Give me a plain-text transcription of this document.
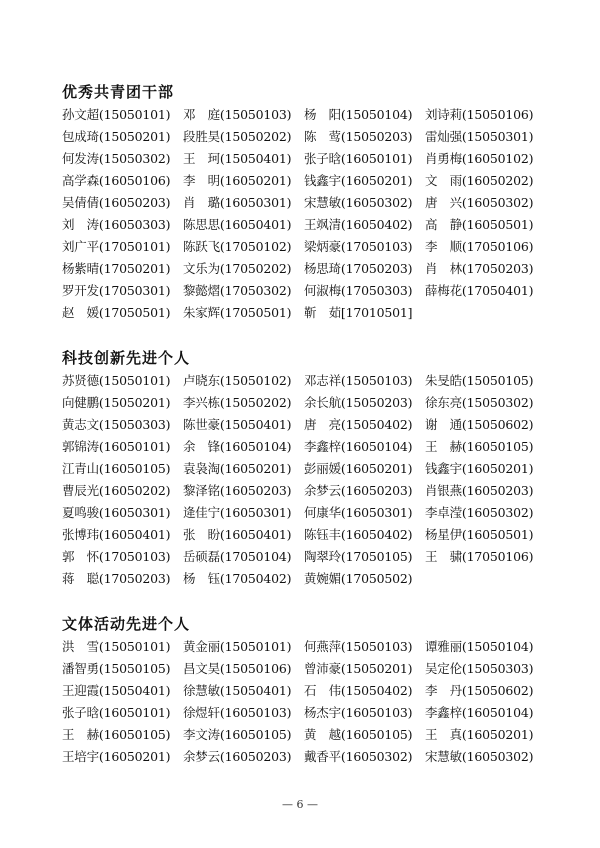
优秀共青团干部
孙文超(15050101)	邓　庭(15050103)	杨　阳(15050104)	刘诗莉(15050106)
包成琦(15050201)	段胜昊(15050202)	陈　莺(15050203)	雷灿强(15050301)
何发涛(15050302)	王　珂(15050401)	张子晗(16050101)	肖勇梅(16050102)
高学森(16050106)	李　明(16050201)	钱鑫宇(16050201)	文　雨(16050202)
吴倩倩(16050203)	肖　璐(16050301)	宋慧敏(16050302)	唐　兴(16050302)
刘　涛(16050303)	陈思思(16050401)	王飒清(16050402)	高　静(16050501)
刘广平(17050101)	陈跃飞(17050102)	梁炳豪(17050103)	李　顺(17050106)
杨紫晴(17050201)	文乐为(17050202)	杨思琦(17050203)	肖　林(17050203)
罗开发(17050301)	黎懿熠(17050302)	何淑梅(17050303)	薛梅花(17050401)
赵　媛(17050501)	朱家辉(17050501)	靳　茹[17010501]
科技创新先进个人
苏贤德(15050101)	卢晓东(15050102)	邓志祥(15050103)	朱旻皓(15050105)
向健鹏(15050201)	李兴栋(15050202)	余长航(15050203)	徐东亮(15050302)
黄志文(15050303)	陈世豪(15050401)	唐　亮(15050402)	谢　通(15050602)
郭锦涛(16050101)	余　锋(16050104)	李鑫梓(16050104)	王　赫(16050105)
江青山(16050105)	袁袅淘(16050201)	彭丽媛(16050201)	钱鑫宇(16050201)
曹辰光(16050202)	黎泽铭(16050203)	余梦云(16050203)	肖银燕(16050203)
夏鸣骏(16050301)	逄佳宁(16050301)	何康华(16050301)	李卓滢(16050302)
张博玮(16050401)	张　盼(16050401)	陈钰丰(16050402)	杨星伊(16050501)
郭　怀(17050103)	岳硕磊(17050104)	陶翠玲(17050105)	王　骕(17050106)
蒋　聪(17050203)	杨　钰(17050402)	黄婉媚(17050502)
文体活动先进个人
洪　雪(15050101)	黄金丽(15050101)	何燕萍(15050103)	谭雅丽(15050104)
潘智勇(15050105)	昌文昊(15050106)	曾沛豪(15050201)	吴定伦(15050303)
王迎霞(15050401)	徐慧敏(15050401)	石　伟(15050402)	李　丹(15050602)
张子晗(16050101)	徐煜轩(16050103)	杨杰宇(16050103)	李鑫梓(16050104)
王　赫(16050105)	李文涛(16050105)	黄　越(16050105)	王　真(16050201)
王培宇(16050201)	余梦云(16050203)	戴香平(16050302)	宋慧敏(16050302)
— 6 —
